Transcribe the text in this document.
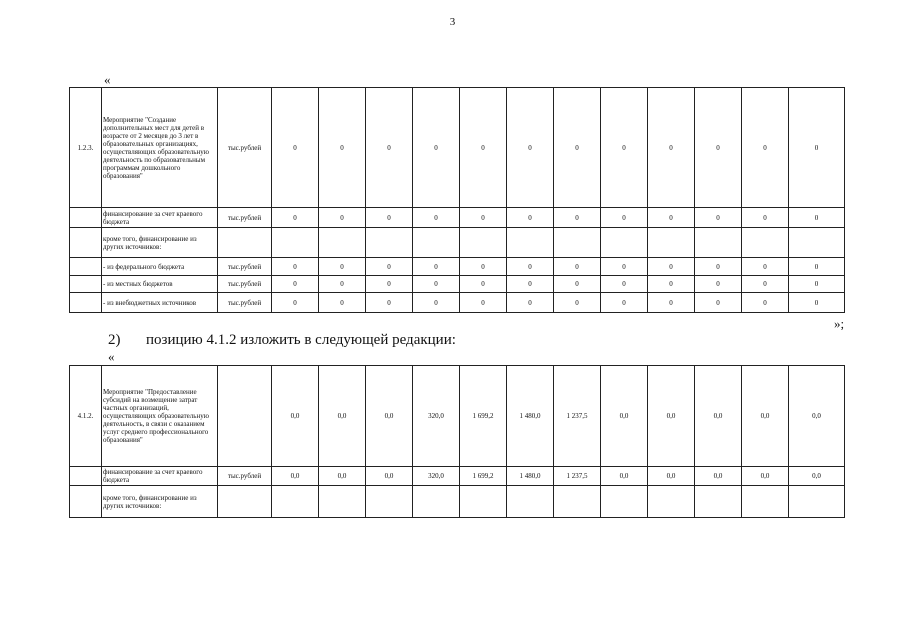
3
«
1.2.3.	Мероприятие "Создание дополнительных мест для детей в возрасте от 2 месяцев до 3 лет в образовательных организациях, осуществляющих образовательную деятельность по образовательным программам дошкольного образования"	тыс.рублей	0	0	0	0	0	0	0	0	0	0	0	0
	финансирование за счет краевого бюджета	тыс.рублей	0	0	0	0	0	0	0	0	0	0	0	0
	кроме того, финансирование из других источников:													
	- из федерального бюджета	тыс.рублей	0	0	0	0	0	0	0	0	0	0	0	0
	- из местных бюджетов	тыс.рублей	0	0	0	0	0	0	0	0	0	0	0	0
	- из внебюджетных источников	тыс.рублей	0	0	0	0	0	0	0	0	0	0	0	0
»;
2) позицию 4.1.2 изложить в следующей редакции:
«
4.1.2.	Мероприятие "Предоставление субсидий на возмещение затрат частных организаций, осуществляющих образовательную деятельность, в связи с оказанием услуг среднего профессионального образования"		0,0	0,0	0,0	320,0	1 699,2	1 480,0	1 237,5	0,0	0,0	0,0	0,0	0,0
	финансирование за счет краевого бюджета	тыс.рублей	0,0	0,0	0,0	320,0	1 699,2	1 480,0	1 237,5	0,0	0,0	0,0	0,0	0,0
	кроме того, финансирование из других источников:													
